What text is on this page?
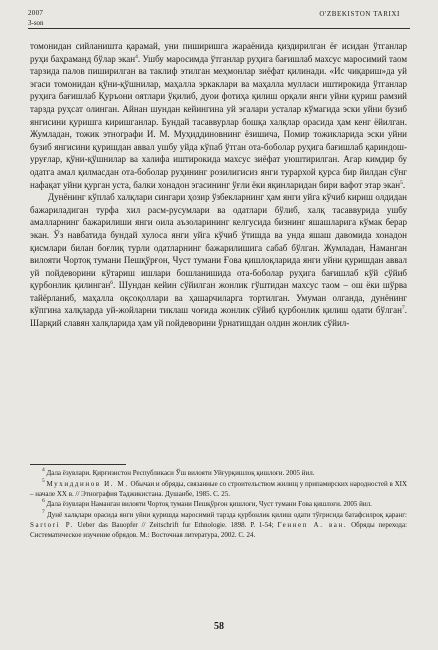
2007
3-son
O'ZBEKISTON TARIXI

томонидан сийланишта қарамай, уни пиширишга жараёнида қиздирилган ёғ исидан ўтганлар руҳи баҳраманд бўлар экан$^4$. Ушбу маросимда ўтганлар руҳига бағишлаб махсус маросимий таом тарзида палов пиширилган ва таклиф этилган меҳмонлар зиёфат қилинади. «Ис чиқариш»да уй эгаси томонидан қўни-қўшнилар, маҳалла эркаклари ва маҳалла муллаcи иштирокида ўтганлар руҳига бағишлаб Қуръони оятлари ўқилиб, дуои фотиҳа қилиш орқали янги уйни қуриш рамзий тарзда руҳсат олинган. Айнан шундан кейингина уй эгалари усталар кўмагида эски уйни бузиб янгисини қуришга киришганлар. Бундай тасаввурлар бошқа халқлар орасида ҳам кенг ёйилган. Жумладан, тожик этнографи И. М. Муҳиддиновнинг ёзишича, Помир тожикларида эски уйни бузиб янгисини қуришдан аввал ушбу уйда кўпаб ўтган ота-боболар руҳига бағишлаб қариндош-уруғлар, қўни-қўшнилар ва халифа иштирокида махсус зиёфат уюштирилган. Агар кимдир бу одатга амал қилмасдан ота-боболар руҳининг розилигисиз янги турархой қурса бир йилдан сўнг нафақат уйни қурган уста, балки хонадон эгасининг ўғли ёки яқинларидан бири вафот этар экан$^5$.

Дунёнинг кўплаб халқлари сингари ҳозир ўзбекларнинг ҳам янги уйга кўчиб кириш олдидан бажариладиган турфа хил расм-русумлари ва одатлари бўлиб, халқ тасаввурида ушбу амалларнинг бажарилиши янги оила аъзоларининг келгусида бизнинг яшашларига кўмак берар экан. Ўз навбатида бундай хулоса янги уйга кўчиб ўтишда ва унда яшаш давомида хонадон қисмлари билан боғлиқ турли одатларнинг бажарилишига сабаб бўлган. Жумладан, Наманган вилояти Чортоқ тумани Пешқўрғон, Чуст тумани Ғова қишлоқларида янги уйни қуришдан аввал уй пойдеворини кўтариш ишлари бошланишида ота-боболар руҳига бағишлаб кўй сўйиб қурбонлик қилинган$^6$. Шундан кейин сўйилган жонлик гўштидан махсус таом – ош ёки шўрва тайёрланиб, маҳалла оқсоқоллари ва ҳашарчиларга тортилган. Умуман олганда, дунёнинг кўпгина халқларда уй-жойларни тиклаш чоғида жонлик сўйиб қурбонлик қилиш одати бўлган$^7$. Шарқий славян халқларида ҳам уй пойдеворини ўрнатишдан олдин жонлик сўйил-

$^4$ Дала ёзувлари. Қирғизистон Республикаси Ўш вилояти Уйғурқишлоқ қишлоғи. 2005 йил.

$^5$ Мухиддинов И. М. Обычаи и обряды, связанные со строительством жилищ у припамирских народностей в XIX – начале XX в. // Этнография Таджикистана. Душанбе, 1985. С. 25.

$^6$ Дала ёзувлари Наманган вилояти Чортоқ тумани Пешқўрғон қишлоғи, Чуст тумани Ғова қишлоғи. 2005 йил.

$^7$ Дунё халқлари орасида янги уйни қуришда маросимий тарзда қурбонлик қилиш одати тўғрисида батафсилроқ қаранг: Sartori P. Ueber das Bauopfer // Zeitschrift fur Ethnologie. 1898. P. 1-54; Геннеп А. ван. Обряды перехода: Систематическое изучение обрядов. М.: Восточная литература, 2002. С. 24.

58
